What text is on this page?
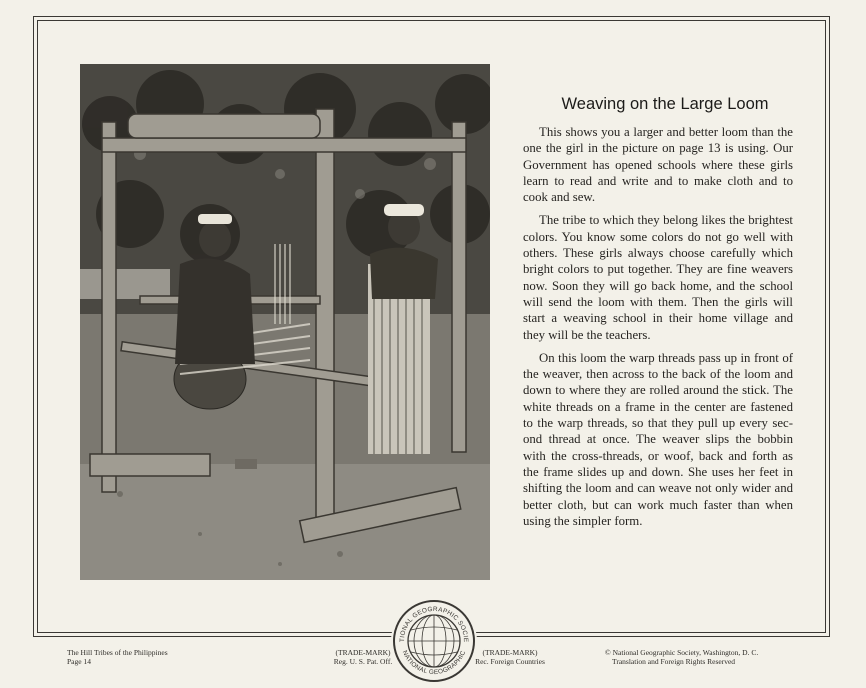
Weaving on the Large Loom

This shows you a larger and better loom than the one the girl in the picture on page 13 is using. Our Government has opened schools where these girls learn to read and write and to make cloth and to cook and sew.

The tribe to which they belong likes the brightest colors. You know some colors do not go well with others. These girls always choose carefully which bright colors to put together. They are fine weavers now. Soon they will go back home, and the school will send the loom with them. Then the girls will start a weaving school in their home village and they will be the teachers.

On this loom the warp threads pass up in front of the weaver, then across to the back of the loom and down to where they are rolled around the stick. The white threads on a frame in the center are fastened to the warp threads, so that they pull up every second thread at once. The weaver slips the bobbin with the cross-threads, or woof, back and forth as the frame slides up and down. She uses her feet in shifting the loom and can weave not only wider and better cloth, but can work much faster than when using the simpler form.

TIONAL GEOGRAPHIC SOCIE
NATIONAL GEOGRAPHIC
The Hill Tribes of the Philippines
Page 14
(TRADE-MARK)
Reg. U. S. Pat. Off.
(TRADE-MARK)
Rec. Foreign Countries
© National Geographic Society, Washington, D. C.
Translation and Foreign Rights Reserved
